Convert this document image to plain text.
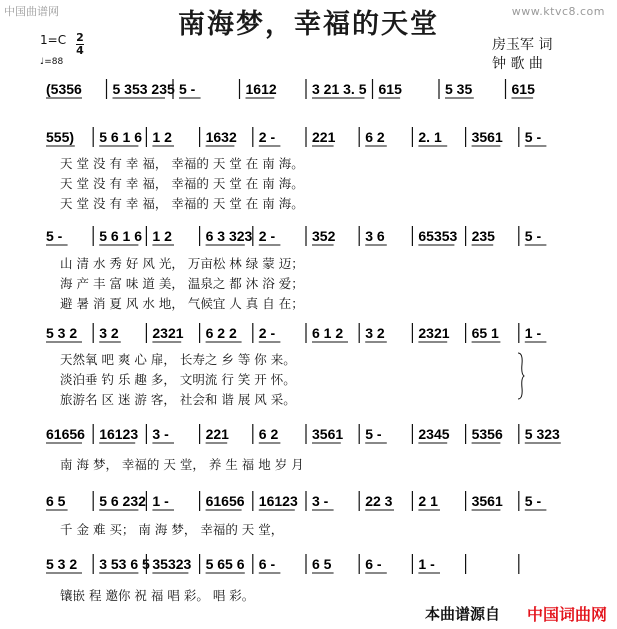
中国曲谱网	www.ktvc8.com
南海梦，幸福的天堂
1=C 2
4
♩=88
房玉军 词
钟 歌 曲
(5356 5 353 235 5 -	1612	3 21 3. 5 615	5 35	615
555) 5 6 1 6 1 2 1632 2 -	221 6 2 2. 1 3561 5 -
天 堂 没 有 幸 福， 幸福的 天 堂 在 南 海。
天 堂 没 有 幸 福， 幸福的 天 堂 在 南 海。
天 堂 没 有 幸 福， 幸福的 天 堂 在 南 海。
5 -	5 6 1 6 1 2 6 3 323 2 -	352 3 6 65353 235 5 -
山 清 水 秀 好 风 光， 万亩松 林 绿 蒙 迈；
海 产 丰 富 味 道 美， 温泉之 都 沐 浴 爱；
避 暑 消 夏 风 水 地， 气候宜 人 真 自 在；
5 3 2 3 2 2321 6 2 2 2 -	6 1 2 3 2 2321 65 1 1 -
天然氧 吧 爽 心 扉， 长寿之 乡 等 你 来。
淡泊垂 钓 乐 趣 多， 文明流 行 笑 开 怀。
旅游名 区 迷 游 客， 社会和 谐 展 风 采。
61656 16123 3 -	221 6 2 3561 5 -	2345 5356 5 323
南 海 梦， 幸福的 天 堂， 养 生 福 地 岁 月
6 5 5 6 232 1 -	61656 16123 3 -	22 3 2 1 3561 5 -
千 金 难 买； 南 海 梦， 幸福的 天 堂，
5 3 2 3 53 6 5 35323 5 65 6 6 -	6 5 6 -	1 -
镶嵌 程 邀你 祝 福 唱 彩。 唱 彩。
本曲谱源自 中国词曲网
